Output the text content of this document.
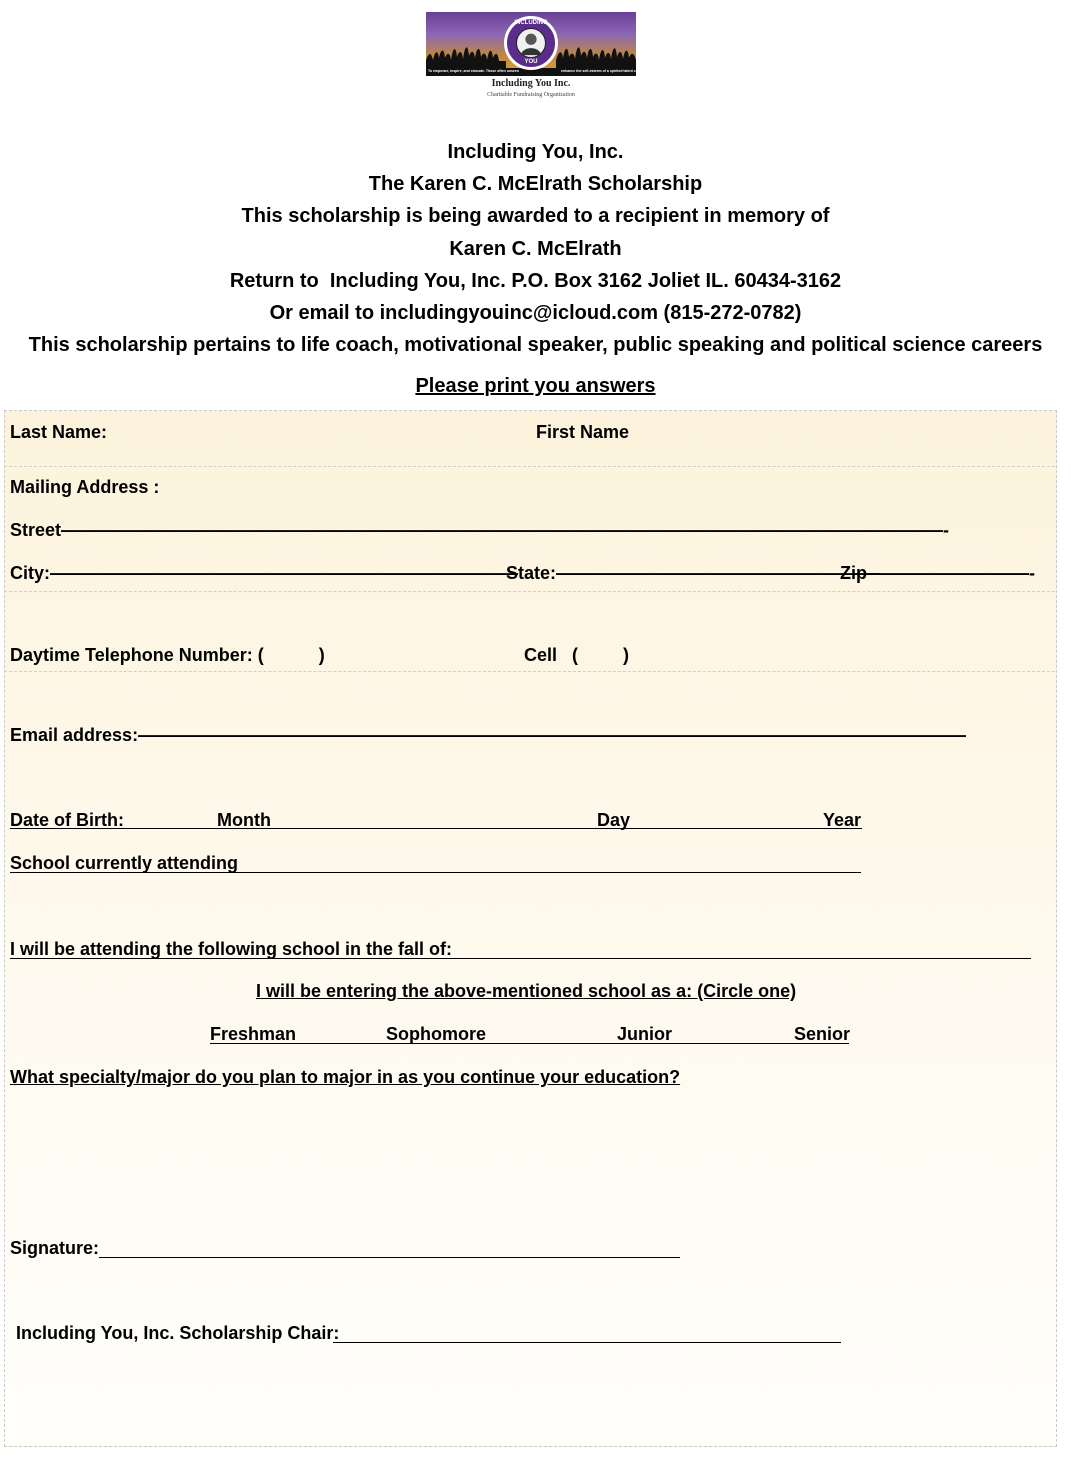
To empower, inspire, and educate. Those often unseen	enhance the self-esteem of a spirited talent community
INCLUDING
YOU
Including You Inc.
Charitable Fundraising Organization
Including You, Inc.
The Karen C. McElrath Scholarship
This scholarship is being awarded to a recipient in memory of
Karen C. McElrath
Return to  Including You, Inc. P.O. Box 3162 Joliet IL. 60434-3162
Or email to includingyouinc@icloud.com (815-272-0782)
This scholarship pertains to life coach, motivational speaker, public speaking and political science careers
Please print you answers
Last Name:	First Name
Mailing Address :
Street—————————————————————————————————————————————————-
City:——————————————————————————
State:——————————————————
Zip—————————-
Daytime Telephone Number: (           )	Cell   (         )
Email address:——————————————————————————————————————————————
Date of Birth:	Month	Day	Year
School currently attending
I will be attending the following school in the fall of:
I will be entering the above-mentioned school as a: (Circle one)
Freshman	Sophomore	Junior	Senior
What specialty/major do you plan to major in as you continue your education?
Signature:
Including You, Inc. Scholarship Chair:
